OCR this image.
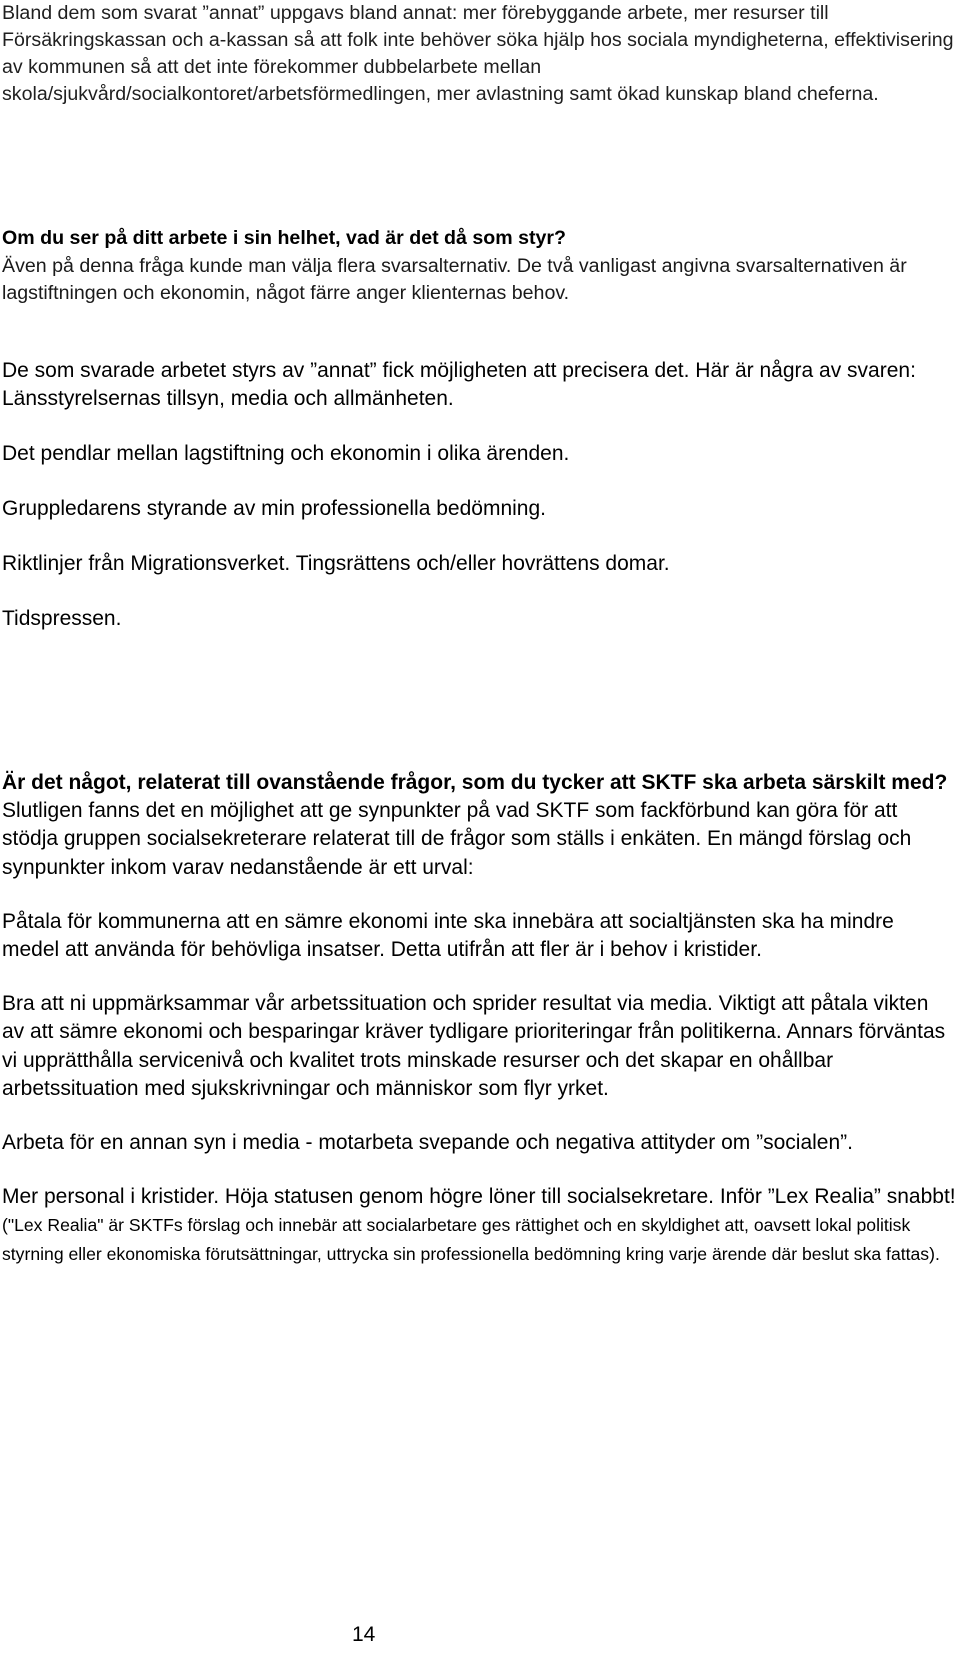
Bland dem som svarat ”annat” uppgavs bland annat: mer förebyggande arbete, mer resurser till Försäkringskassan och a-kassan så att folk inte behöver söka hjälp hos sociala myndigheterna, effektivisering av kommunen så att det inte förekommer dubbelarbete mellan skola/sjukvård/socialkontoret/arbetsförmedlingen, mer avlastning samt ökad kunskap bland cheferna.

Om du ser på ditt arbete i sin helhet, vad är det då som styr?
Även på denna fråga kunde man välja flera svarsalternativ. De två vanligast angivna svarsalternativen är lagstiftningen och ekonomin, något färre anger klienternas behov.
De som svarade arbetet styrs av ”annat” fick möjligheten att precisera det. Här är några av svaren:
Länsstyrelsernas tillsyn, media och allmänheten.
Det pendlar mellan lagstiftning och ekonomin i olika ärenden.
Gruppledarens styrande av min professionella bedömning.
Riktlinjer från Migrationsverket. Tingsrättens och/eller hovrättens domar.
Tidspressen.
Är det något, relaterat till ovanstående frågor, som du tycker att SKTF ska arbeta särskilt med?
Slutligen fanns det en möjlighet att ge synpunkter på vad SKTF som fackförbund kan göra för att stödja gruppen socialsekreterare relaterat till de frågor som ställs i enkäten. En mängd förslag och synpunkter inkom varav nedanstående är ett urval:
Påtala för kommunerna att en sämre ekonomi inte ska innebära att socialtjänsten ska ha mindre medel att använda för behövliga insatser. Detta utifrån att fler är i behov i kristider.
Bra att ni uppmärksammar vår arbetssituation och sprider resultat via media. Viktigt att påtala vikten av att sämre ekonomi och besparingar kräver tydligare prioriteringar från politikerna. Annars förväntas vi upprätthålla servicenivå och kvalitet trots minskade resurser och det skapar en ohållbar arbetssituation med sjukskrivningar och människor som flyr yrket.
Arbeta för en annan syn i media - motarbeta svepande och negativa attityder om ”socialen”.
Mer personal i kristider. Höja statusen genom högre löner till socialsekretare. Inför ”Lex Realia” snabbt! ("Lex Realia" är SKTFs förslag och innebär att socialarbetare ges rättighet och en skyldighet att, oavsett lokal politisk styrning eller ekonomiska förutsättningar, uttrycka sin professionella bedömning kring varje ärende där beslut ska fattas).
14
